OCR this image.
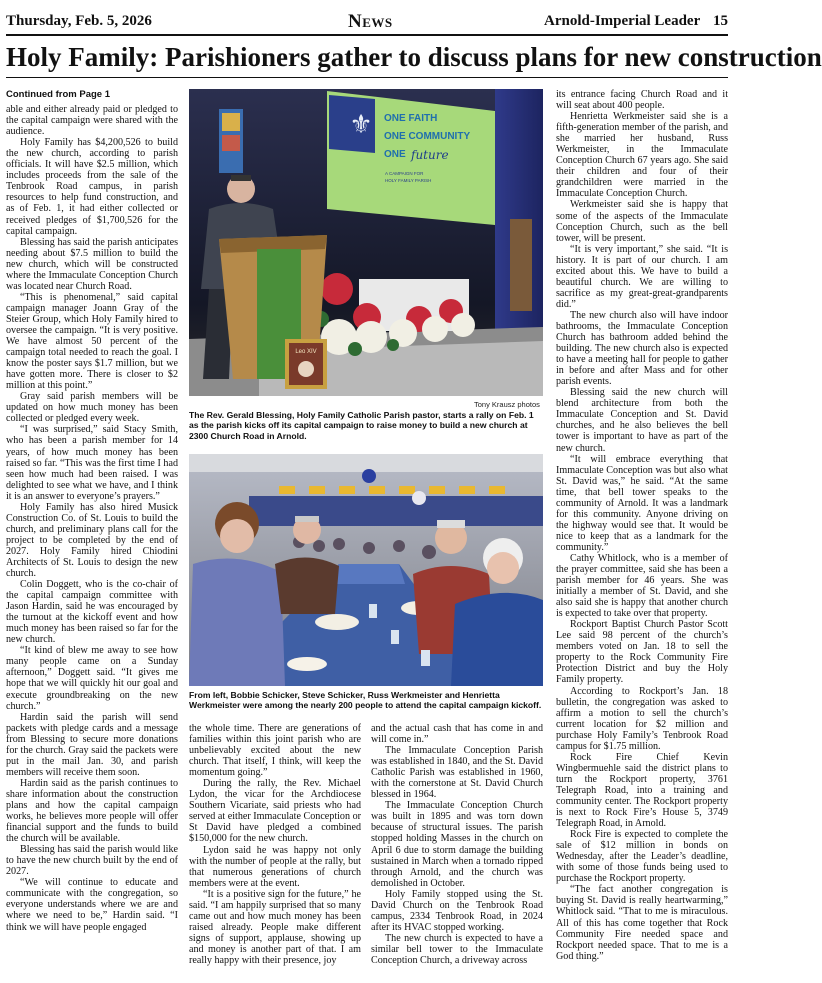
Thursday, Feb. 5, 2026	News	Arnold-Imperial Leader 15
Holy Family: Parishioners gather to discuss plans for new construction

Continued from Page 1

able and either already paid or pledged to the capital campaign were shared with the audience.

Holy Family has $4,200,526 to build the new church, according to parish officials. It will have $2.5 million, which includes proceeds from the sale of the Tenbrook Road campus, in parish resources to help fund construction, and as of Feb. 1, it had either collected or received pledges of $1,700,526 for the capital campaign.

Blessing has said the parish anticipates needing about $7.5 million to build the new church, which will be constructed where the Immaculate Conception Church was located near Church Road.

“This is phenomenal,” said capital campaign manager Joann Gray of the Steier Group, which Holy Family hired to oversee the campaign. “It is very positive. We have almost 50 percent of the campaign total needed to reach the goal. I know the poster says $1.7 million, but we have gotten more. There is closer to $2 million at this point.”

Gray said parish members will be updated on how much money has been collected or pledged every week.

“I was surprised,” said Stacy Smith, who has been a parish member for 14 years, of how much money has been raised so far. “This was the first time I had seen how much had been raised. I was delighted to see what we have, and I think it is an answer to everyone’s prayers.”

Holy Family has also hired Musick Construction Co. of St. Louis to build the church, and preliminary plans call for the project to be completed by the end of 2027. Holy Family hired Chiodini Architects of St. Louis to design the new church.

Colin Doggett, who is the co-chair of the capital campaign committee with Jason Hardin, said he was encouraged by the turnout at the kickoff event and how much money has been raised so far for the new church.

“It kind of blew me away to see how many people came on a Sunday afternoon,” Doggett said. “It gives me hope that we will quickly hit our goal and execute groundbreaking on the new church.”

Hardin said the parish will send packets with pledge cards and a message from Blessing to secure more donations for the church. Gray said the packets were put in the mail Jan. 30, and parish members will receive them soon.

Hardin said as the parish continues to share information about the construction plans and how the capital campaign works, he believes more people will offer financial support and the funds to build the church will be available.

Blessing has said the parish would like to have the new church built by the end of 2027.

“We will continue to educate and communicate with the congregation, so everyone understands where we are and where we need to be,” Hardin said. “I think we will have people engaged

⚜ ONE FAITH
ONE COMMUNITY
ONE future
A CAMPAIGN FOR
HOLY FAMILY PARISH
Leo XIV
Tony Krausz photos
The Rev. Gerald Blessing, Holy Family Catholic Parish pastor, starts a rally on Feb. 1 as the parish kicks off its capital campaign to raise money to build a new church at 2300 Church Road in Arnold.
From left, Bobbie Schicker, Steve Schicker, Russ Werkmeister and Henrietta Werkmeister were among the nearly 200 people to attend the capital campaign kickoff.

the whole time. There are generations of families within this joint parish who are unbelievably excited about the new church. That itself, I think, will keep the momentum going.”

During the rally, the Rev. Michael Lydon, the vicar for the Archdiocese Southern Vicariate, said priests who had served at either Immaculate Conception or St David have pledged a combined $150,000 for the new church.

Lydon said he was happy not only with the number of people at the rally, but that numerous generations of church members were at the event.

“It is a positive sign for the future,” he said. “I am happily surprised that so many came out and how much money has been raised already. People make different signs of support, applause, showing up and money is another part of that. I am really happy with their presence, joy

and the actual cash that has come in and will come in.”

The Immaculate Conception Parish was established in 1840, and the St. David Catholic Parish was established in 1960, with the cornerstone at St. David Church blessed in 1964.

The Immaculate Conception Church was built in 1895 and was torn down because of structural issues. The parish stopped holding Masses in the church on April 6 due to storm damage the building sustained in March when a tornado ripped through Arnold, and the church was demolished in October.

Holy Family stopped using the St. David Church on the Tenbrook Road campus, 2334 Tenbrook Road, in 2024 after its HVAC stopped working.

The new church is expected to have a similar bell tower to the Immaculate Conception Church, a driveway across

its entrance facing Church Road and it will seat about 400 people.

Henrietta Werkmeister said she is a fifth-generation member of the parish, and she married her husband, Russ Werkmeister, in the Immaculate Conception Church 67 years ago. She said their children and four of their grandchildren were married in the Immaculate Conception Church.

Werkmeister said she is happy that some of the aspects of the Immaculate Conception Church, such as the bell tower, will be present.

“It is very important,” she said. “It is history. It is part of our church. I am excited about this. We have to build a beautiful church. We are willing to sacrifice as my great-great-grandparents did.”

The new church also will have indoor bathrooms, the Immaculate Conception Church has bathroom added behind the building. The new church also is expected to have a meeting hall for people to gather in before and after Mass and for other parish events.

Blessing said the new church will blend architecture from both the Immaculate Conception and St. David churches, and he also believes the bell tower is important to have as part of the new church.

“It will embrace everything that Immaculate Conception was but also what St. David was,” he said. “At the same time, that bell tower speaks to the community of Arnold. It was a landmark for this community. Anyone driving on the highway would see that. It would be nice to keep that as a landmark for the community.”

Cathy Whitlock, who is a member of the prayer committee, said she has been a parish member for 46 years. She was initially a member of St. David, and she also said she is happy that another church is expected to take over that property.

Rockport Baptist Church Pastor Scott Lee said 98 percent of the church’s members voted on Jan. 18 to sell the property to the Rock Community Fire Protection District and buy the Holy Family property.

According to Rockport’s Jan. 18 bulletin, the congregation was asked to affirm a motion to sell the church’s current location for $2 million and purchase Holy Family’s Tenbrook Road campus for $1.75 million.

Rock Fire Chief Kevin Wingbermuehle said the district plans to turn the Rockport property, 3761 Telegraph Road, into a training and community center. The Rockport property is next to Rock Fire’s House 5, 3749 Telegraph Road, in Arnold.

Rock Fire is expected to complete the sale of $12 million in bonds on Wednesday, after the Leader’s deadline, with some of those funds being used to purchase the Rockport property.

“The fact another congregation is buying St. David is really heartwarming,” Whitlock said. “That to me is miraculous. All of this has come together that Rock Community Fire needed space and Rockport needed space. That to me is a God thing.”
